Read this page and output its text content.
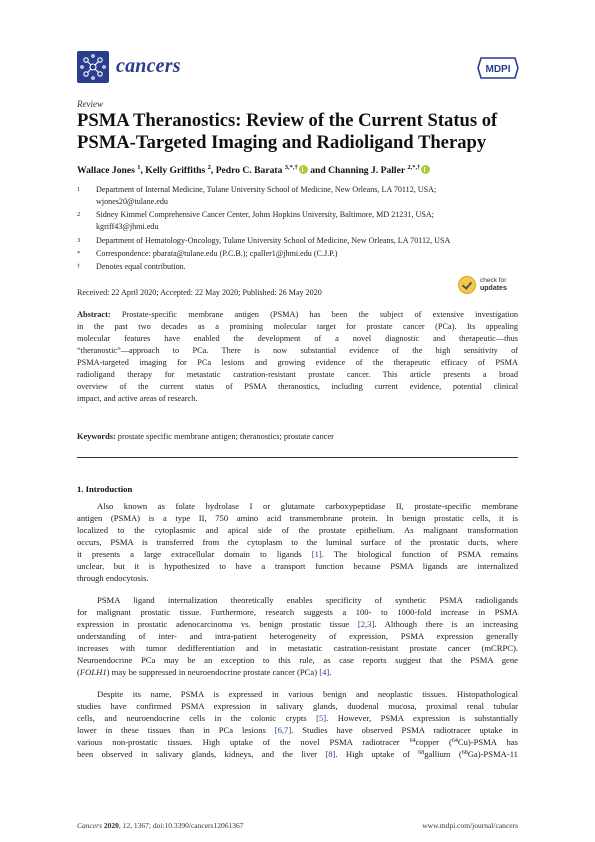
cancers	MDPI
Review
PSMA Theranostics: Review of the Current Status of
PSMA-Targeted Imaging and Radioligand Therapy
Wallace Jones $^1$, Kelly Griffiths $^2$, Pedro C. Barata $^{3,*,\dagger}$ and Channing J. Paller $^{2,*,\dagger}$
1	Department of Internal Medicine, Tulane University School of Medicine, New Orleans, LA 70112, USA;
wjones20@tulane.edu
2	Sidney Kimmel Comprehensive Cancer Center, Johns Hopkins University, Baltimore, MD 21231, USA;
kgriff43@jhmi.edu
3	Department of Hematology-Oncology, Tulane University School of Medicine, New Orleans, LA 70112, USA
*	Correspondence: pbarata@tulane.edu (P.C.B.); cpaller1@jhmi.edu (C.J.P.)
†	Denotes equal contribution.
Received: 22 April 2020; Accepted: 22 May 2020; Published: 26 May 2020
check for
updates
Abstract: Prostate-specific membrane antigen (PSMA) has been the subject of extensive investigation
in the past two decades as a promising molecular target for prostate cancer (PCa). Its appealing
molecular features have enabled the development of a novel diagnostic and therapeutic—thus
“theranostic”—approach to PCa. There is now substantial evidence of the high sensitivity of
PSMA-targeted imaging for PCa lesions and growing evidence of the therapeutic efficacy of PSMA
radioligand therapy for metastatic castration-resistant prostate cancer. This article presents a broad
overview of the current status of PSMA theranostics, including current evidence, potential clinical
impact, and active areas of research.
Keywords: prostate specific membrane antigen; theranostics; prostate cancer
1. Introduction
Also known as folate hydrolase I or glutamate carboxypeptidase II, prostate-specific membrane
antigen (PSMA) is a type II, 750 amino acid transmembrane protein. In benign prostatic cells, it is
localized to the cytoplasmic and apical side of the prostate epithelium. As malignant transformation
occurs, PSMA is transferred from the cytoplasm to the luminal surface of the prostatic ducts, where
it presents a large extracellular domain to ligands [1]. The biological function of PSMA remains
unclear, but it is hypothesized to have a transport function because PSMA ligands are internalized
through endocytosis.
PSMA ligand internalization theoretically enables specificity of synthetic PSMA radioligands
for malignant prostatic tissue. Furthermore, research suggests a 100- to 1000-fold increase in PSMA
expression in prostatic adenocarcinoma vs. benign prostatic tissue [2,3]. Although there is an increasing
understanding of inter- and intra-patient heterogeneity of expression, PSMA expression generally
increases with tumor dedifferentiation and in metastatic castration-resistant prostate cancer (mCRPC).
Neuroendocrine PCa may be an exception to this rule, as case reports suggest that the PSMA gene
(FOLH1) may be suppressed in neuroendocrine prostate cancer (PCa) [4].
Despite its name, PSMA is expressed in various benign and neoplastic tissues. Histopathological
studies have confirmed PSMA expression in salivary glands, duodenal mucosa, proximal renal tubular
cells, and neuroendocrine cells in the colonic crypts [5]. However, PSMA expression is substantially
lower in these tissues than in PCa lesions [6,7]. Studies have observed PSMA radiotracer uptake in
various non-prostatic tissues. High uptake of the novel PSMA radiotracer $^{64}$copper ($^{64}$Cu)-PSMA has
been observed in salivary glands, kidneys, and the liver [8]. High uptake of $^{68}$gallium ($^{68}$Ga)-PSMA-11
Cancers 2020, 12, 1367; doi:10.3390/cancers12061367	www.mdpi.com/journal/cancers
